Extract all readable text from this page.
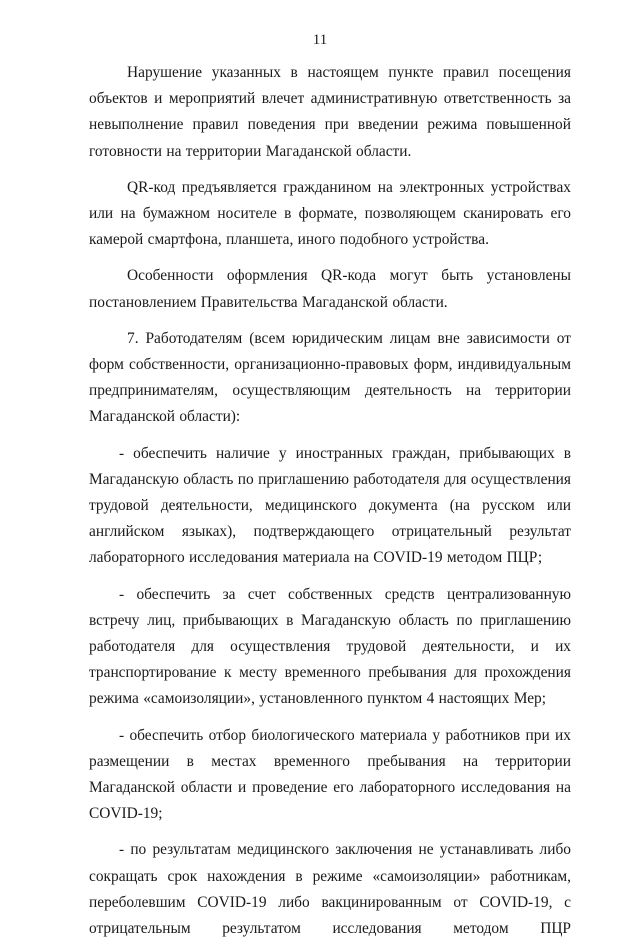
11

Нарушение указанных в настоящем пункте правил посещения объектов и мероприятий влечет административную ответственность за невыполнение правил поведения при введении режима повышенной готовности на территории Магаданской области.

QR-код предъявляется гражданином на электронных устройствах или на бумажном носителе в формате, позволяющем сканировать его камерой смартфона, планшета, иного подобного устройства.

Особенности оформления QR-кода могут быть установлены постановлением Правительства Магаданской области.

7. Работодателям (всем юридическим лицам вне зависимости от форм собственности, организационно-правовых форм, индивидуальным предпринимателям, осуществляющим деятельность на территории Магаданской области):

- обеспечить наличие у иностранных граждан, прибывающих в Магаданскую область по приглашению работодателя для осуществления трудовой деятельности, медицинского документа (на русском или английском языках), подтверждающего отрицательный результат лабораторного исследования материала на COVID-19 методом ПЦР;

- обеспечить за счет собственных средств централизованную встречу лиц, прибывающих в Магаданскую область по приглашению работодателя для осуществления трудовой деятельности, и их транспортирование к месту временного пребывания для прохождения режима «самоизоляции», установленного пунктом 4 настоящих Мер;

- обеспечить отбор биологического материала у работников при их размещении в местах временного пребывания на территории Магаданской области и проведение его лабораторного исследования на COVID-19;

- по результатам медицинского заключения не устанавливать либо сокращать срок нахождения в режиме «самоизоляции» работникам, переболевшим COVID-19 либо вакцинированным от COVID-19, с отрицательным результатом исследования методом ПЦР
